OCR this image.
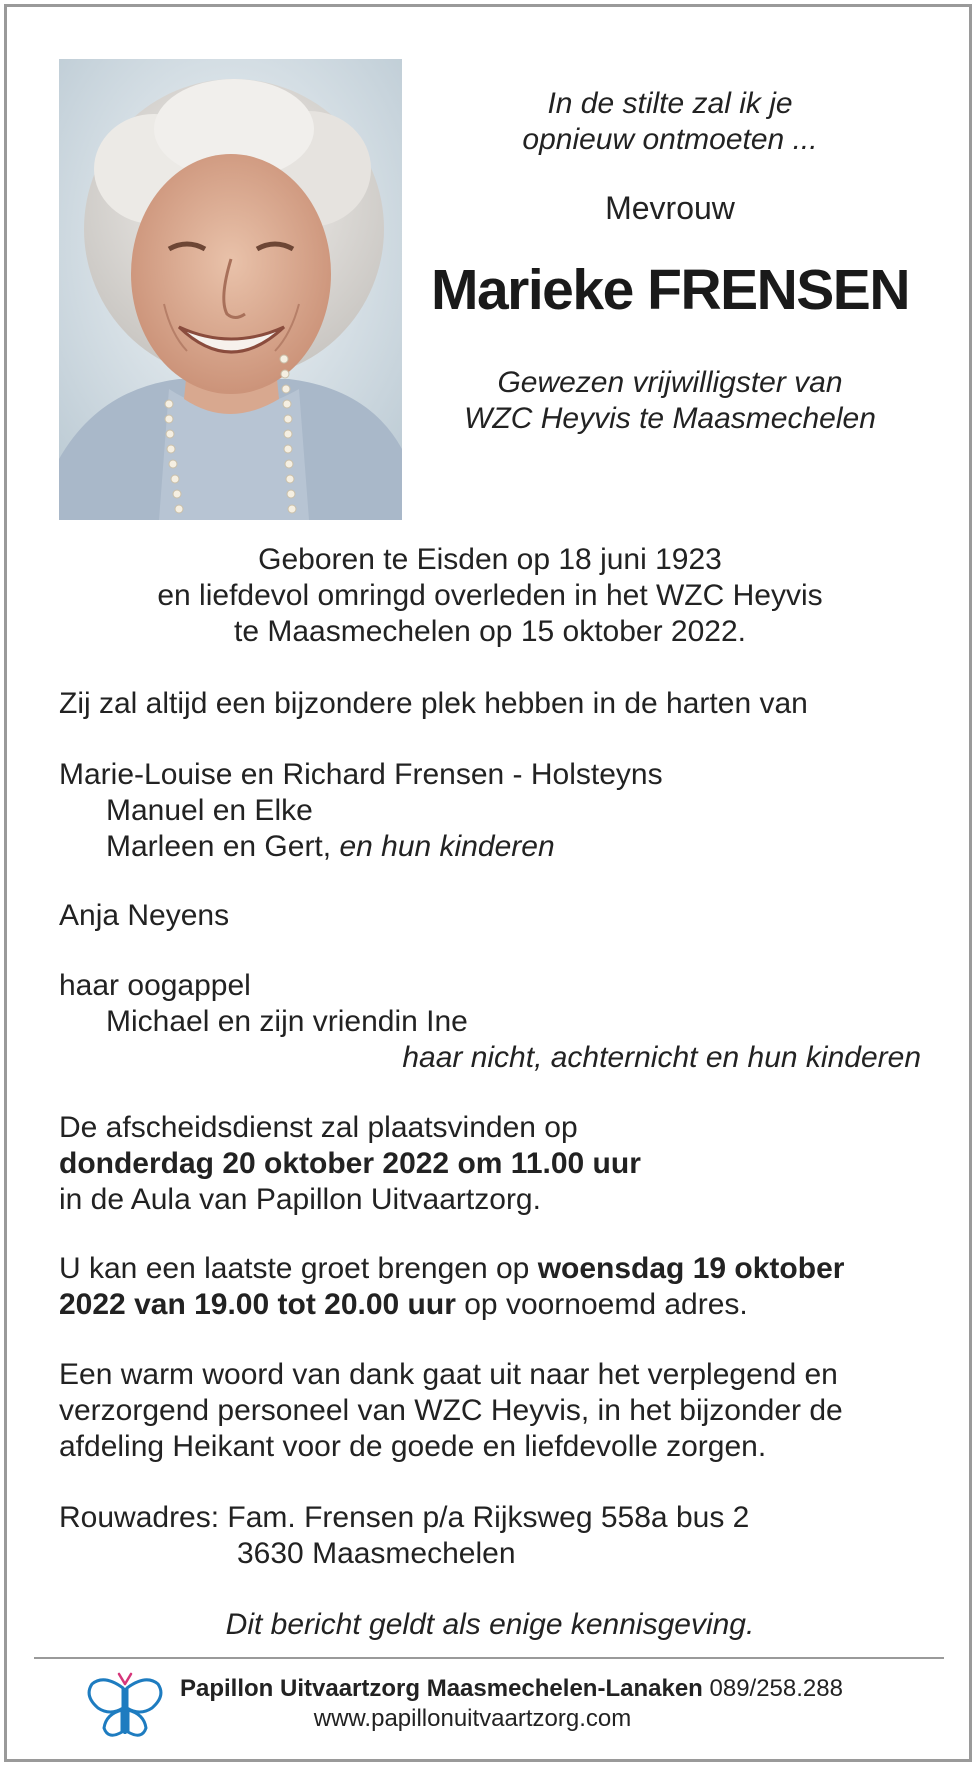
In de stilte zal ik je
opnieuw ontmoeten ...
Mevrouw
Marieke FRENSEN
Gewezen vrijwilligster van
WZC Heyvis te Maasmechelen
Geboren te Eisden op 18 juni 1923
en liefdevol omringd overleden in het WZC Heyvis
te Maasmechelen op 15 oktober 2022.
Zij zal altijd een bijzondere plek hebben in de harten van
Marie-Louise en Richard Frensen - Holsteyns
Manuel en Elke
Marleen en Gert, en hun kinderen
Anja Neyens
haar oogappel
Michael en zijn vriendin Ine
haar nicht, achternicht en hun kinderen
De afscheidsdienst zal plaatsvinden op
donderdag 20 oktober 2022 om 11.00 uur
in de Aula van Papillon Uitvaartzorg.
U kan een laatste groet brengen op woensdag 19 oktober
2022 van 19.00 tot 20.00 uur op voornoemd adres.
Een warm woord van dank gaat uit naar het verplegend en
verzorgend personeel van WZC Heyvis, in het bijzonder de
afdeling Heikant voor de goede en liefdevolle zorgen.
Rouwadres: Fam. Frensen p/a Rijksweg 558a bus 2
3630 Maasmechelen
Dit bericht geldt als enige kennisgeving.
Papillon Uitvaartzorg Maasmechelen-Lanaken 089/258.288
www.papillonuitvaartzorg.com
